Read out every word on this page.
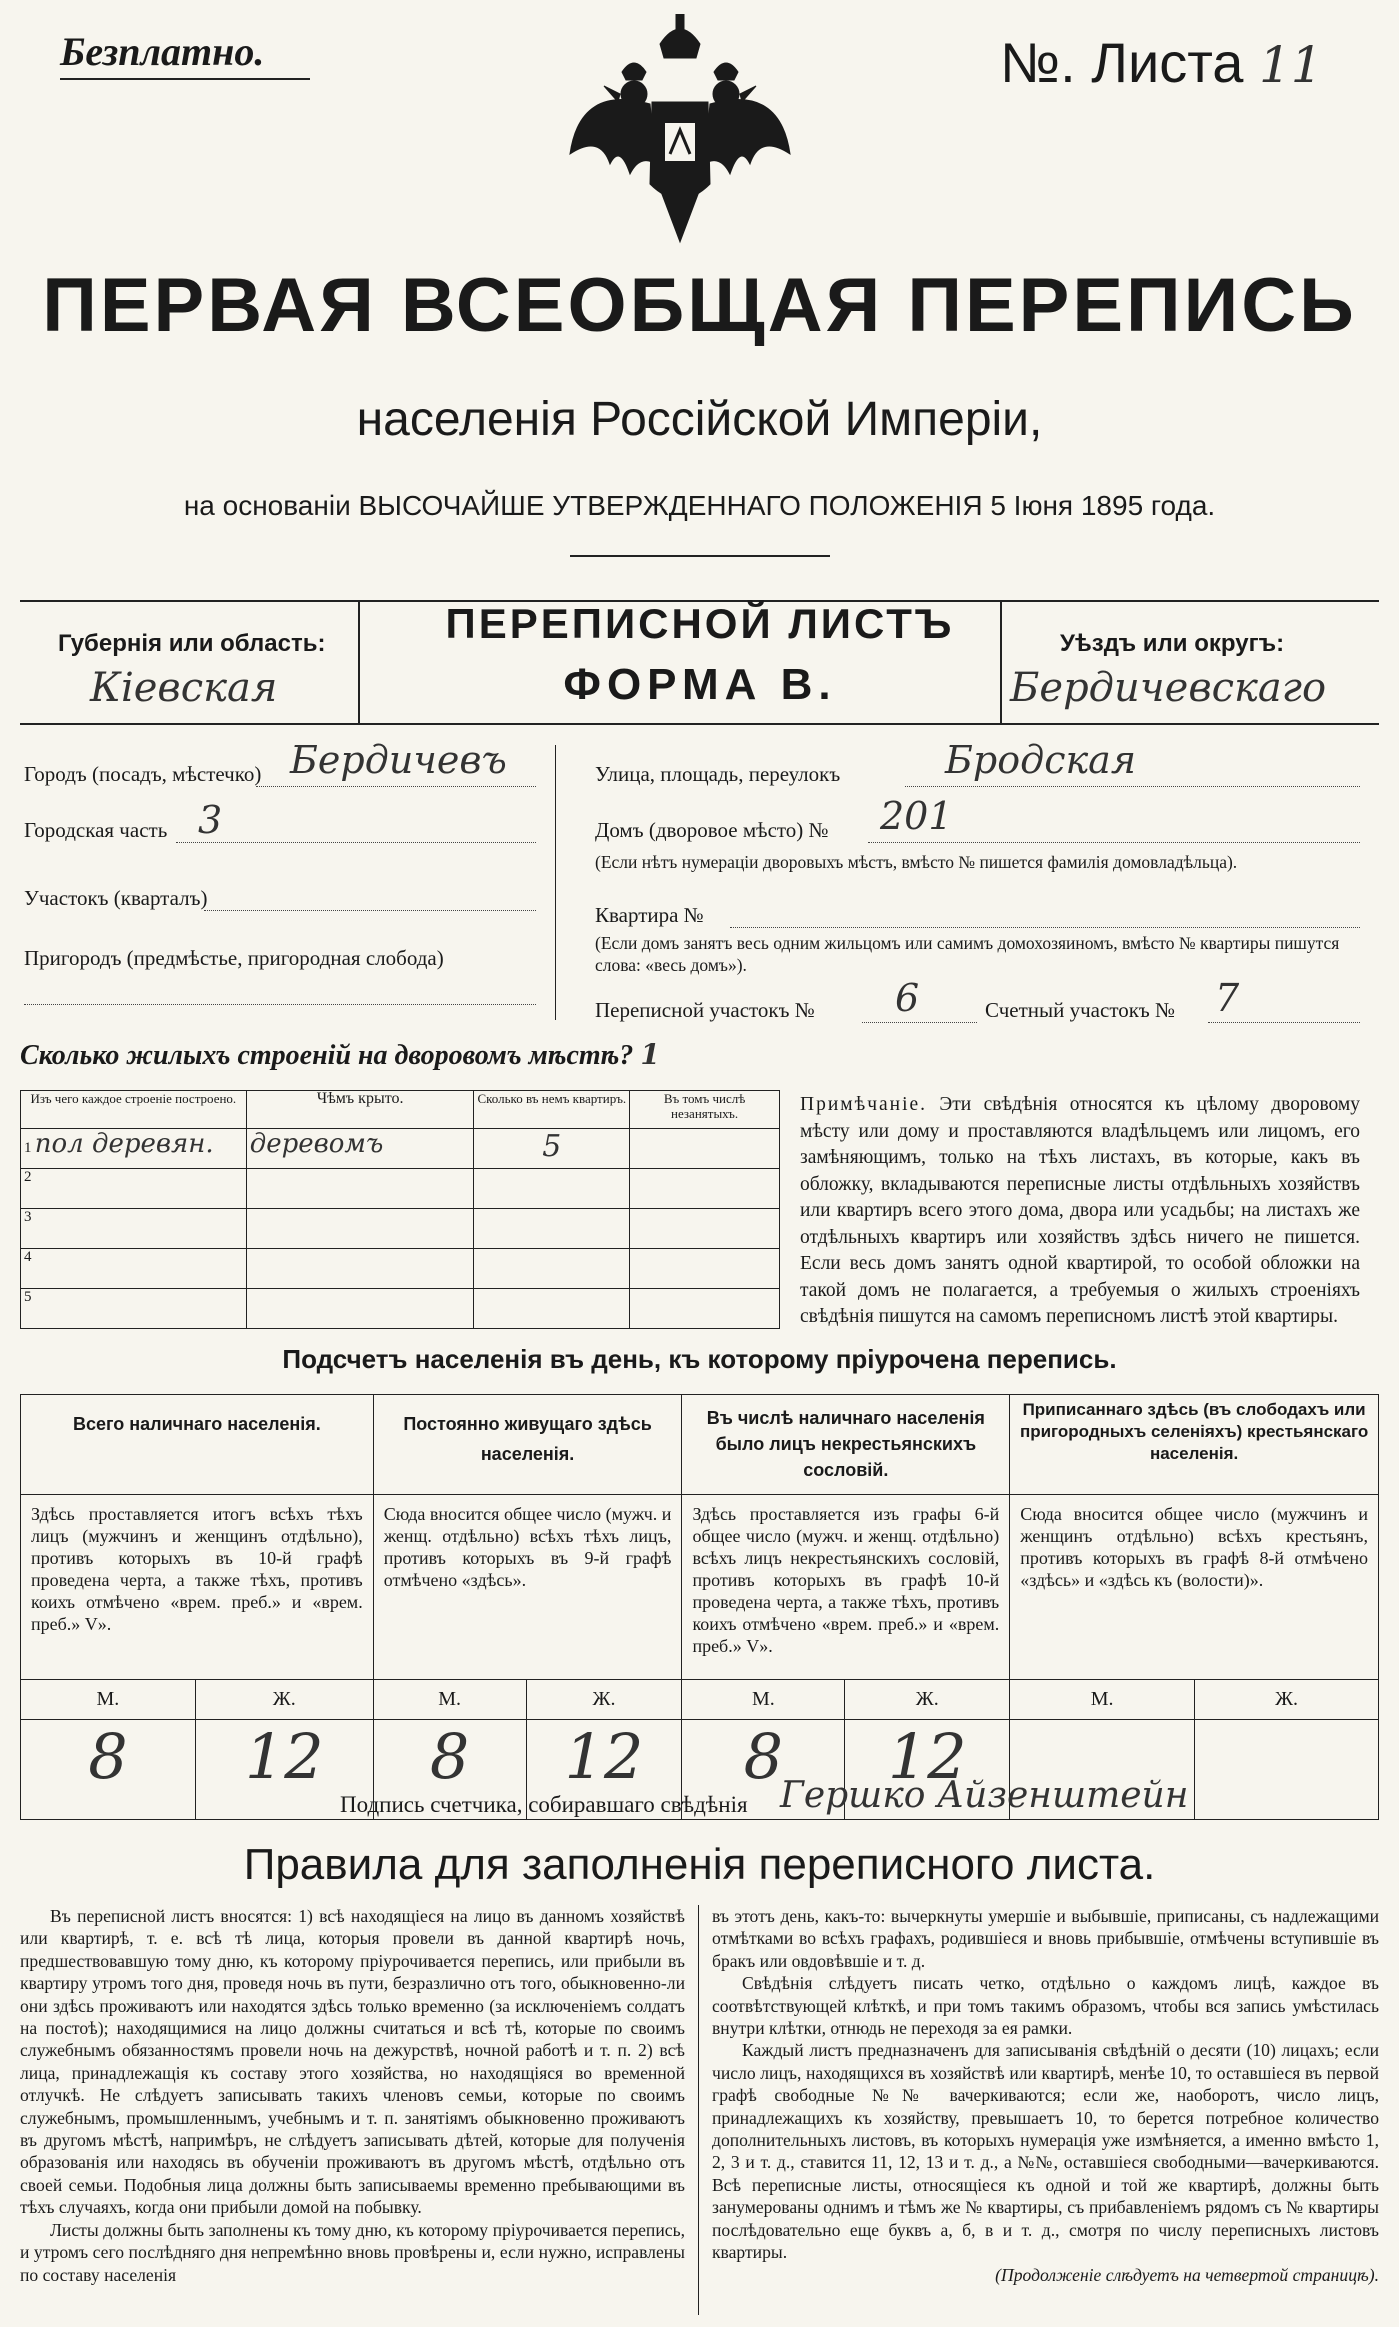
Безплатно.	№. Листа 11
ПЕРВАЯ ВСЕОБЩАЯ ПЕРЕПИСЬ
населенія Россійской Имперіи,
на основаніи ВЫСОЧАЙШЕ УТВЕРЖДЕННАГО ПОЛОЖЕНІЯ 5 Іюня 1895 года.
Губернія или область:
Кіевская
ПЕРЕПИСНОЙ ЛИСТЪ
ФОРМА В.
Уѣздъ или округъ:
Бердичевскаго
Городъ (посадъ, мѣстечко) Бердичевъ
Городская часть 3
Участокъ (кварталъ)
Пригородъ (предмѣстье, пригородная слобода)
Улица, площадь, переулокъ	Бродская
Домъ (дворовое мѣсто) № 201
(Если нѣтъ нумераціи дворовыхъ мѣстъ, вмѣсто № пишется фамилія домовладѣльца).
Квартира №
(Если домъ занятъ весь одним жильцомъ или самимъ домохозяиномъ, вмѣсто № квартиры пишутся слова: «весь домъ»).
Переписной участокъ № 6	Счетный участокъ № 7
Сколько жилыхъ строеній на дворовомъ мѣстѣ? 1
Изъ чего каждое строеніе построено.	Чѣмъ крыто.	Сколько въ немъ квартиръ.	Въ томъ числѣ незанятыхъ.
1 пол деревян.	деревомъ	5	
2			
3			
4			
5			
Примѣчаніе. Эти свѣдѣнія относятся къ цѣлому дворовому мѣсту или дому и проставляются владѣльцемъ или лицомъ, его замѣняющимъ, только на тѣхъ листахъ, въ которые, какъ въ обложку, вкладываются переписные листы отдѣльныхъ хозяйствъ или квартиръ всего этого дома, двора или усадьбы; на листахъ же отдѣльныхъ квартиръ или хозяйствъ здѣсь ничего не пишется. Если весь домъ занятъ одной квартирой, то особой обложки на такой домъ не полагается, а требуемыя о жилыхъ строеніяхъ свѣдѣнія пишутся на самомъ переписномъ листѣ этой квартиры.
Подсчетъ населенія въ день, къ которому пріурочена перепись.
Всего наличнаго населенія.		Постоянно живущаго здѣсь населенія.		Въ числѣ наличнаго населенія было лицъ некрестьянскихъ сословій.		Приписаннаго здѣсь (въ слободахъ или пригородныхъ селеніяхъ) крестьянскаго населенія.	
Здѣсь проставляется итогъ всѣхъ тѣхъ лицъ (мужчинъ и женщинъ отдѣльно), противъ которыхъ въ 10-й графѣ проведена черта, а также тѣхъ, противъ коихъ отмѣчено «врем. преб.» и «врем. преб.» V».		Сюда вносится общее число (мужч. и женщ. отдѣльно) всѣхъ тѣхъ лицъ, противъ которыхъ въ 9-й графѣ отмѣчено «здѣсь».		Здѣсь проставляется изъ графы 6-й общее число (мужч. и женщ. отдѣльно) всѣхъ лицъ некрестьянскихъ сословій, противъ которыхъ въ графѣ 10-й проведена черта, а также тѣхъ, противъ коихъ отмѣчено «врем. преб.» и «врем. преб.» V».		Сюда вносится общее число (мужчинъ и женщинъ отдѣльно) всѣхъ крестьянъ, противъ которыхъ въ графѣ 8-й отмѣчено «здѣсь» и «здѣсь къ (волости)».	
М.	Ж.	М.	Ж.	М.	Ж.	М.	Ж.
8	12	8	12	8	12		
Подпись счетчика, собиравшаго свѣдѣнія Гершко Айзенштейн
Правила для заполненія переписного листа.

Въ переписной листъ вносятся: 1) всѣ находящіеся на лицо въ данномъ хозяйствѣ или квартирѣ, т. е. всѣ тѣ лица, которыя провели въ данной квартирѣ ночь, предшествовавшую тому дню, къ которому пріурочивается перепись, или прибыли въ квартиру утромъ того дня, проведя ночь въ пути, безразлично отъ того, обыкновенно-ли они здѣсь проживаютъ или находятся здѣсь только временно (за исключеніемъ солдатъ на постоѣ); находящимися на лицо должны считаться и всѣ тѣ, которые по своимъ служебнымъ обязанностямъ провели ночь на дежурствѣ, ночной работѣ и т. п. 2) всѣ лица, принадлежащія къ составу этого хозяйства, но находящіяся во временной отлучкѣ. Не слѣдуетъ записывать такихъ членовъ семьи, которые по своимъ служебнымъ, промышленнымъ, учебнымъ и т. п. занятіямъ обыкновенно проживаютъ въ другомъ мѣстѣ, напримѣръ, не слѣдуетъ записывать дѣтей, которые для полученія образованія или находясь въ обученіи проживаютъ въ другомъ мѣстѣ, отдѣльно отъ своей семьи. Подобныя лица должны быть записываемы временно пребывающими въ тѣхъ случаяхъ, когда они прибыли домой на побывку.

Листы должны быть заполнены къ тому дню, къ которому пріурочивается перепись, и утромъ сего послѣдняго дня непремѣнно вновь провѣрены и, если нужно, исправлены по составу населенія

въ этотъ день, какъ-то: вычеркнуты умершіе и выбывшіе, приписаны, съ надлежащими отмѣтками во всѣхъ графахъ, родившіеся и вновь прибывшіе, отмѣчены вступившіе въ бракъ или овдовѣвшіе и т. д.

Свѣдѣнія слѣдуетъ писать четко, отдѣльно о каждомъ лицѣ, каждое въ соотвѣтствующей клѣткѣ, и при томъ такимъ образомъ, чтобы вся запись умѣстилась внутри клѣтки, отнюдь не переходя за ея рамки.

Каждый листъ предназначенъ для записыванія свѣдѣній о десяти (10) лицахъ; если число лицъ, находящихся въ хозяйствѣ или квартирѣ, менѣе 10, то оставшіеся въ первой графѣ свободные №№ вачеркиваются; если же, наоборотъ, число лицъ, принадлежащихъ къ хозяйству, превышаетъ 10, то берется потребное количество дополнительныхъ листовъ, въ которыхъ нумерація уже измѣняется, а именно вмѣсто 1, 2, 3 и т. д., ставится 11, 12, 13 и т. д., а №№, оставшіеся свободными—вачеркиваются. Всѣ переписные листы, относящіеся къ одной и той же квартирѣ, должны быть занумерованы однимъ и тѣмъ же № квартиры, съ прибавленіемъ рядомъ съ № квартиры послѣдовательно еще буквъ а, б, в и т. д., смотря по числу переписныхъ листовъ квартиры.

(Продолженіе слѣдуетъ на четвертой страницѣ).
